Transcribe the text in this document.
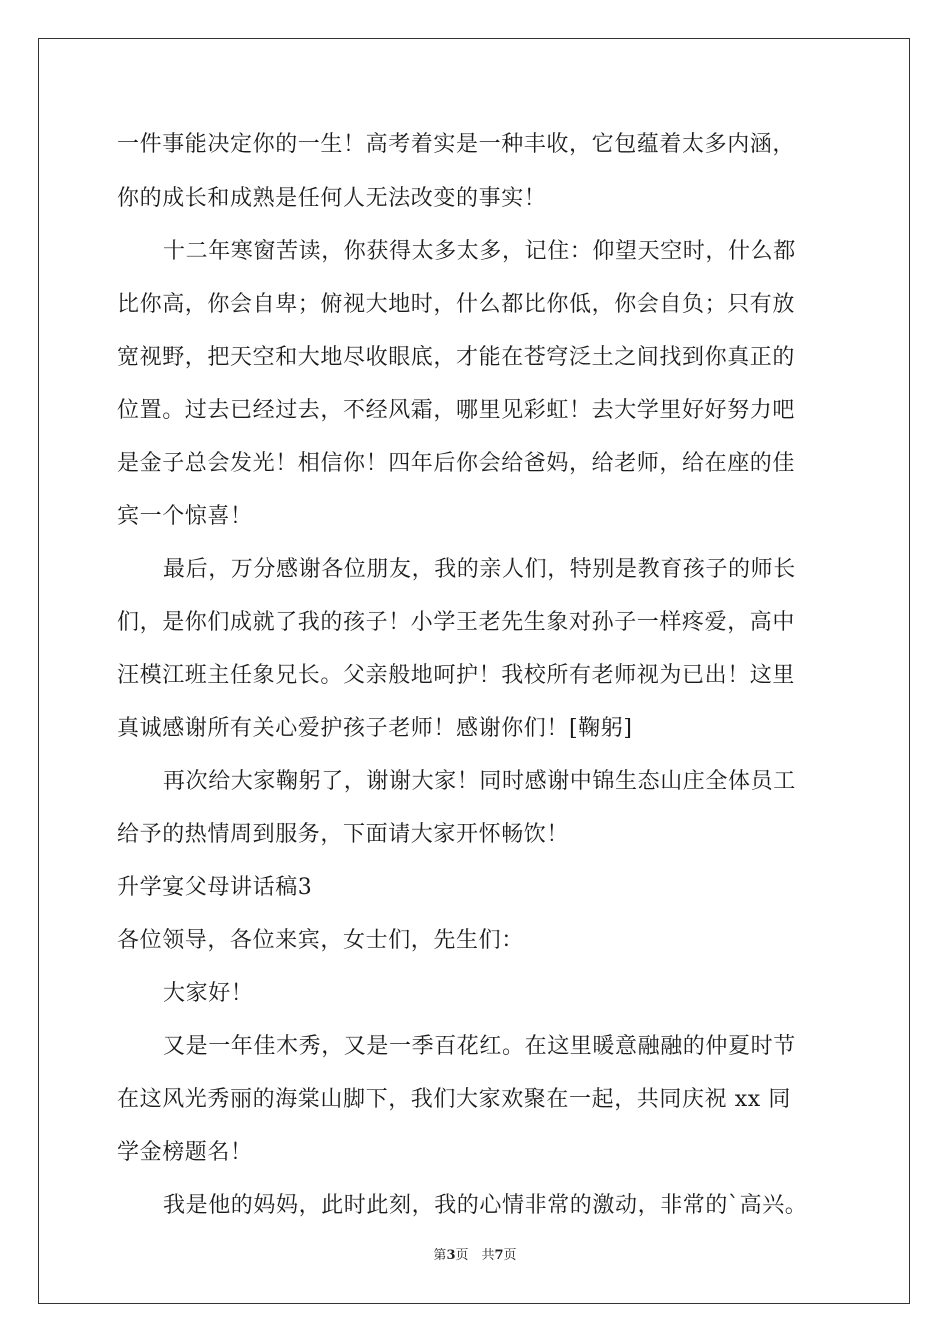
一件事能决定你的一生！高考着实是一种丰收，它包蕴着太多内涵，
你的成长和成熟是任何人无法改变的事实！
十二年寒窗苦读，你获得太多太多，记住：仰望天空时，什么都
比你高，你会自卑；俯视大地时，什么都比你低，你会自负；只有放
宽视野，把天空和大地尽收眼底，才能在苍穹泛土之间找到你真正的
位置。过去已经过去，不经风霜，哪里见彩虹！去大学里好好努力吧
是金子总会发光！相信你！四年后你会给爸妈，给老师，给在座的佳
宾一个惊喜！
最后，万分感谢各位朋友，我的亲人们，特别是教育孩子的师长
们，是你们成就了我的孩子！小学王老先生象对孙子一样疼爱，高中
汪模江班主任象兄长。父亲般地呵护！我校所有老师视为已出！这里
真诚感谢所有关心爱护孩子老师！感谢你们！[鞠躬]
再次给大家鞠躬了，谢谢大家！同时感谢中锦生态山庄全体员工
给予的热情周到服务，下面请大家开怀畅饮！
升学宴父母讲话稿3
各位领导，各位来宾，女士们，先生们：
大家好！
又是一年佳木秀，又是一季百花红。在这里暖意融融的仲夏时节
在这风光秀丽的海棠山脚下，我们大家欢聚在一起，共同庆祝 xx 同
学金榜题名！
我是他的妈妈，此时此刻，我的心情非常的激动，非常的`高兴。
第3页　共7页
